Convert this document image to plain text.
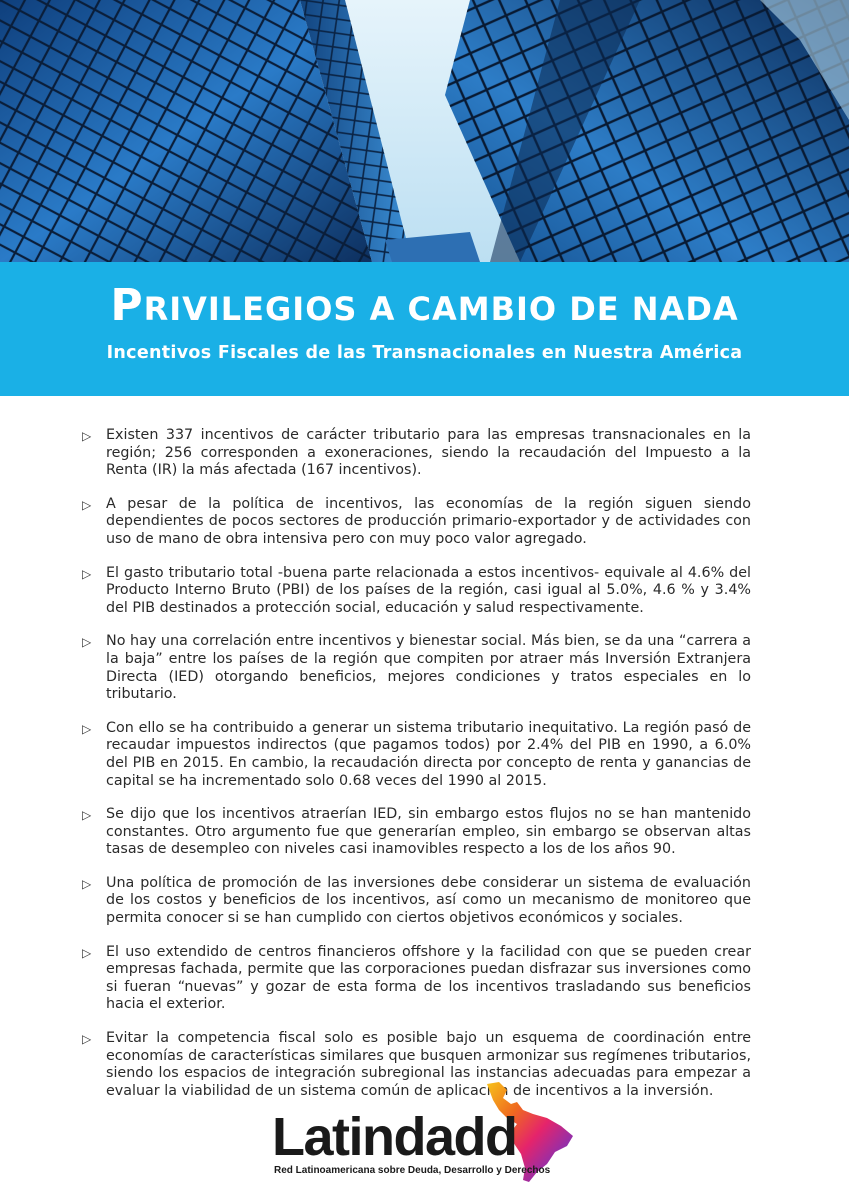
PRIVILEGIOS A CAMBIO DE NADA
Incentivos Fiscales de las Transnacionales en Nuestra América
▷ Existen 337 incentivos de carácter tributario para las empresas transnacionales en la región; 256 corresponden a exoneraciones, siendo la recaudación del Impuesto a la Renta (IR) la más afectada (167 incentivos).
▷ A pesar de la política de incentivos, las economías de la región siguen siendo dependientes de pocos sectores de producción primario-exportador y de actividades con uso de mano de obra intensiva pero con muy poco valor agregado.
▷ El gasto tributario total -buena parte relacionada a estos incentivos- equivale al 4.6% del Producto Interno Bruto (PBI) de los países de la región, casi igual al 5.0%, 4.6 % y 3.4% del PIB destinados a protección social, educación y salud respectivamente.
▷ No hay una correlación entre incentivos y bienestar social. Más bien, se da una “carrera a la baja” entre los países de la región que compiten por atraer más Inversión Extranjera Directa (IED) otorgando beneficios, mejores condiciones y tratos especiales en lo tributario.
▷ Con ello se ha contribuido a generar un sistema tributario inequitativo. La región pasó de recaudar impuestos indirectos (que pagamos todos) por 2.4% del PIB en 1990, a 6.0% del PIB en 2015. En cambio, la recaudación directa por concepto de renta y ganancias de capital se ha incrementado solo 0.68 veces del 1990 al 2015.
▷ Se dijo que los incentivos atraerían IED, sin embargo estos flujos no se han mantenido constantes. Otro argumento fue que generarían empleo, sin embargo se observan altas tasas de desempleo con niveles casi inamovibles respecto a los de los años 90.
▷ Una política de promoción de las inversiones debe considerar un sistema de evaluación de los costos y beneficios de los incentivos, así como un mecanismo de monitoreo que permita conocer si se han cumplido con ciertos objetivos económicos y sociales.
▷ El uso extendido de centros financieros offshore y la facilidad con que se pueden crear empresas fachada, permite que las corporaciones puedan disfrazar sus inversiones como si fueran “nuevas” y gozar de esta forma de los incentivos trasladando sus beneficios hacia el exterior.
▷ Evitar la competencia fiscal solo es posible bajo un esquema de coordinación entre economías de características similares que busquen armonizar sus regímenes tributarios, siendo los espacios de integración subregional las instancias adecuadas para empezar a evaluar la viabilidad de un sistema común de aplicación de incentivos a la inversión.
Latindadd
Red Latinoamericana sobre Deuda, Desarrollo y Derechos
